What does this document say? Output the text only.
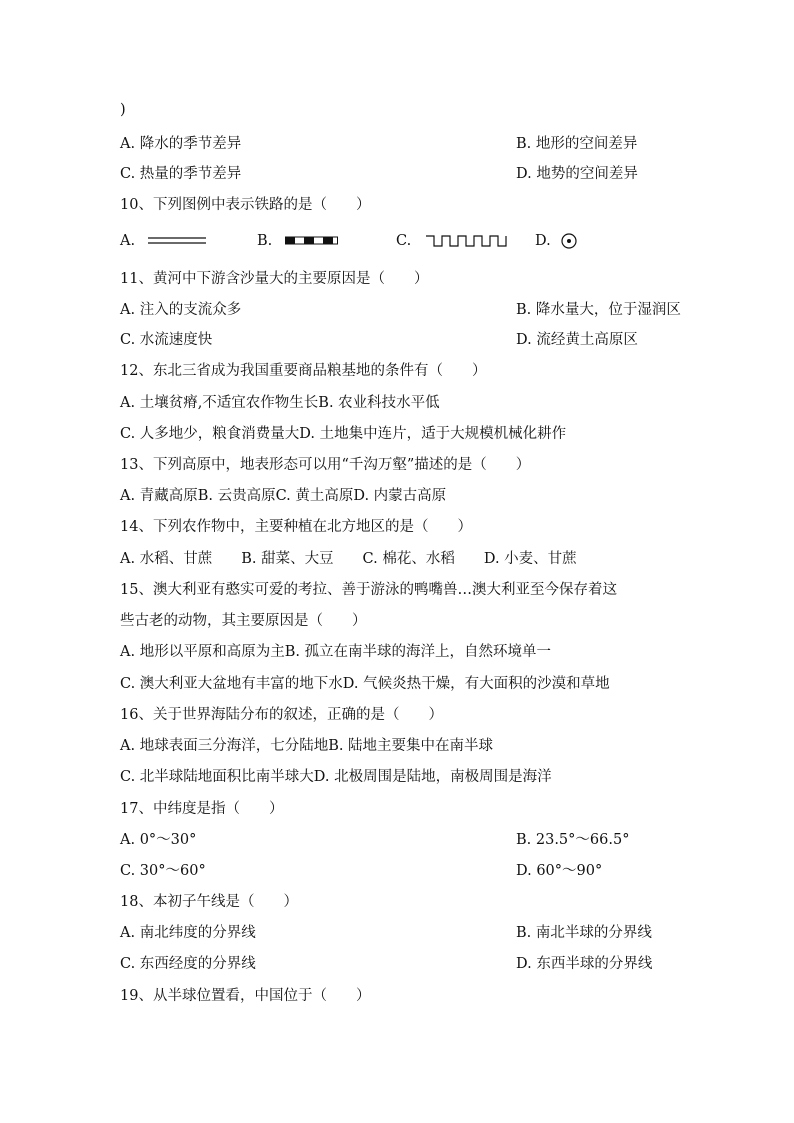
)
A. 降水的季节差异	B. 地形的空间差异
C. 热量的季节差异	D. 地势的空间差异
10、下列图例中表示铁路的是（　　）
A.	B.	C.	D.
11、黄河中下游含沙量大的主要原因是（　　）
A. 注入的支流众多	B. 降水量大，位于湿润区
C. 水流速度快	D. 流经黄土高原区
12、东北三省成为我国重要商品粮基地的条件有（　　）
A. 土壤贫瘠,不适宜农作物生长B. 农业科技水平低
C. 人多地少，粮食消费量大D. 土地集中连片，适于大规模机械化耕作
13、下列高原中，地表形态可以用“千沟万壑”描述的是（　　）
A. 青藏高原B. 云贵高原C. 黄土高原D. 内蒙古高原
14、下列农作物中，主要种植在北方地区的是（　　）
A. 水稻、甘蔗　　B. 甜菜、大豆　　C. 棉花、水稻　　D. 小麦、甘蔗
15、澳大利亚有憨实可爱的考拉、善于游泳的鸭嘴兽…澳大利亚至今保存着这
些古老的动物，其主要原因是（　　）
A. 地形以平原和高原为主B. 孤立在南半球的海洋上，自然环境单一
C. 澳大利亚大盆地有丰富的地下水D. 气候炎热干燥，有大面积的沙漠和草地
16、关于世界海陆分布的叙述，正确的是（　　）
A. 地球表面三分海洋，七分陆地B. 陆地主要集中在南半球
C. 北半球陆地面积比南半球大D. 北极周围是陆地，南极周围是海洋
17、中纬度是指（　　）
A. 0°～30°	B. 23.5°～66.5°
C. 30°～60°	D. 60°～90°
18、本初子午线是（　　）
A. 南北纬度的分界线	B. 南北半球的分界线
C. 东西经度的分界线	D. 东西半球的分界线
19、从半球位置看，中国位于（　　）
